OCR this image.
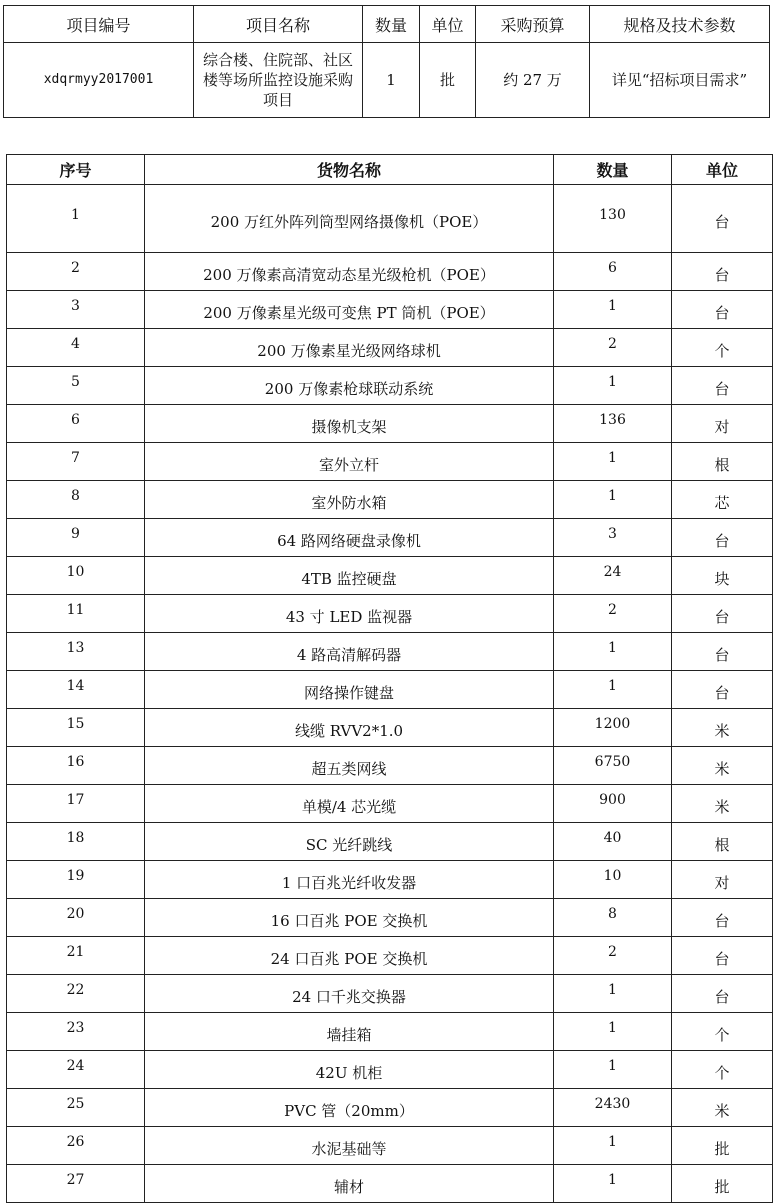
项目编号	项目名称	数量	单位	采购预算	规格及技术参数
xdqrmyy2017001	综合楼、住院部、社区楼等场所监控设施采购项目	1	批	约 27 万	详见“招标项目需求”
序号	货物名称	数量	单位
1	200 万红外阵列筒型网络摄像机（POE）	130	台
2	200 万像素高清宽动态星光级枪机（POE）	6	台
3	200 万像素星光级可变焦 PT 筒机（POE）	1	台
4	200 万像素星光级网络球机	2	个
5	200 万像素枪球联动系统	1	台
6	摄像机支架	136	对
7	室外立杆	1	根
8	室外防水箱	1	芯
9	64 路网络硬盘录像机	3	台
10	4TB 监控硬盘	24	块
11	43 寸 LED 监视器	2	台
13	4 路高清解码器	1	台
14	网络操作键盘	1	台
15	线缆 RVV2*1.0	1200	米
16	超五类网线	6750	米
17	单模/4 芯光缆	900	米
18	SC 光纤跳线	40	根
19	1 口百兆光纤收发器	10	对
20	16 口百兆 POE 交换机	8	台
21	24 口百兆 POE 交换机	2	台
22	24 口千兆交换器	1	台
23	墙挂箱	1	个
24	42U 机柜	1	个
25	PVC 管（20mm）	2430	米
26	水泥基础等	1	批
27	辅材	1	批
